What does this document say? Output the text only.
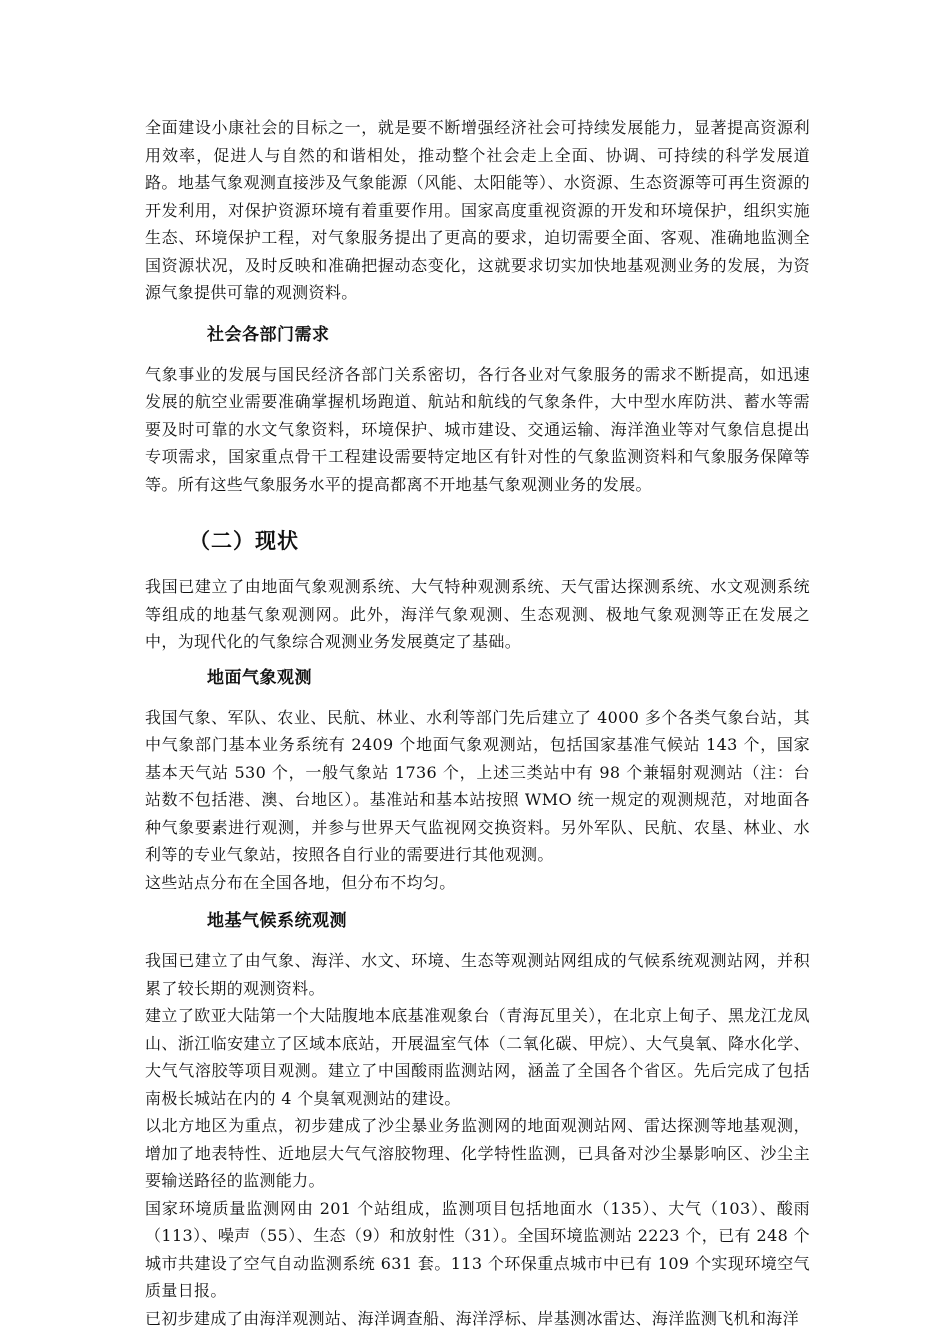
全面建设小康社会的目标之一，就是要不断增强经济社会可持续发展能力，显著提高资源利用效率，促进人与自然的和谐相处，推动整个社会走上全面、协调、可持续的科学发展道路。地基气象观测直接涉及气象能源（风能、太阳能等）、水资源、生态资源等可再生资源的开发利用，对保护资源环境有着重要作用。国家高度重视资源的开发和环境保护，组织实施生态、环境保护工程，对气象服务提出了更高的要求，迫切需要全面、客观、准确地监测全国资源状况，及时反映和准确把握动态变化，这就要求切实加快地基观测业务的发展，为资源气象提供可靠的观测资料。

社会各部门需求

气象事业的发展与国民经济各部门关系密切，各行各业对气象服务的需求不断提高，如迅速发展的航空业需要准确掌握机场跑道、航站和航线的气象条件，大中型水库防洪、蓄水等需要及时可靠的水文气象资料，环境保护、城市建设、交通运输、海洋渔业等对气象信息提出专项需求，国家重点骨干工程建设需要特定地区有针对性的气象监测资料和气象服务保障等等。所有这些气象服务水平的提高都离不开地基气象观测业务的发展。

（二）现状

我国已建立了由地面气象观测系统、大气特种观测系统、天气雷达探测系统、水文观测系统等组成的地基气象观测网。此外，海洋气象观测、生态观测、极地气象观测等正在发展之中，为现代化的气象综合观测业务发展奠定了基础。

地面气象观测

我国气象、军队、农业、民航、林业、水利等部门先后建立了 4000 多个各类气象台站，其中气象部门基本业务系统有 2409 个地面气象观测站，包括国家基准气候站 143 个，国家基本天气站 530 个，一般气象站 1736 个，上述三类站中有 98 个兼辐射观测站（注：台站数不包括港、澳、台地区）。基准站和基本站按照 WMO 统一规定的观测规范，对地面各种气象要素进行观测，并参与世界天气监视网交换资料。另外军队、民航、农垦、林业、水利等的专业气象站，按照各自行业的需要进行其他观测。

这些站点分布在全国各地，但分布不均匀。

地基气候系统观测

我国已建立了由气象、海洋、水文、环境、生态等观测站网组成的气候系统观测站网，并积累了较长期的观测资料。

建立了欧亚大陆第一个大陆腹地本底基准观象台（青海瓦里关），在北京上甸子、黑龙江龙凤山、浙江临安建立了区域本底站，开展温室气体（二氧化碳、甲烷）、大气臭氧、降水化学、大气气溶胶等项目观测。建立了中国酸雨监测站网，涵盖了全国各个省区。先后完成了包括南极长城站在内的 4 个臭氧观测站的建设。

以北方地区为重点，初步建成了沙尘暴业务监测网的地面观测站网、雷达探测等地基观测，增加了地表特性、近地层大气气溶胶物理、化学特性监测，已具备对沙尘暴影响区、沙尘主要输送路径的监测能力。

国家环境质量监测网由 201 个站组成，监测项目包括地面水（135）、大气（103）、酸雨（113）、噪声（55）、生态（9）和放射性（31）。全国环境监测站 2223 个，已有 248 个城市共建设了空气自动监测系统 631 套。113 个环保重点城市中已有 109 个实现环境空气质量日报。

已初步建成了由海洋观测站、海洋调查船、海洋浮标、岸基测冰雷达、海洋监测飞机和海洋
